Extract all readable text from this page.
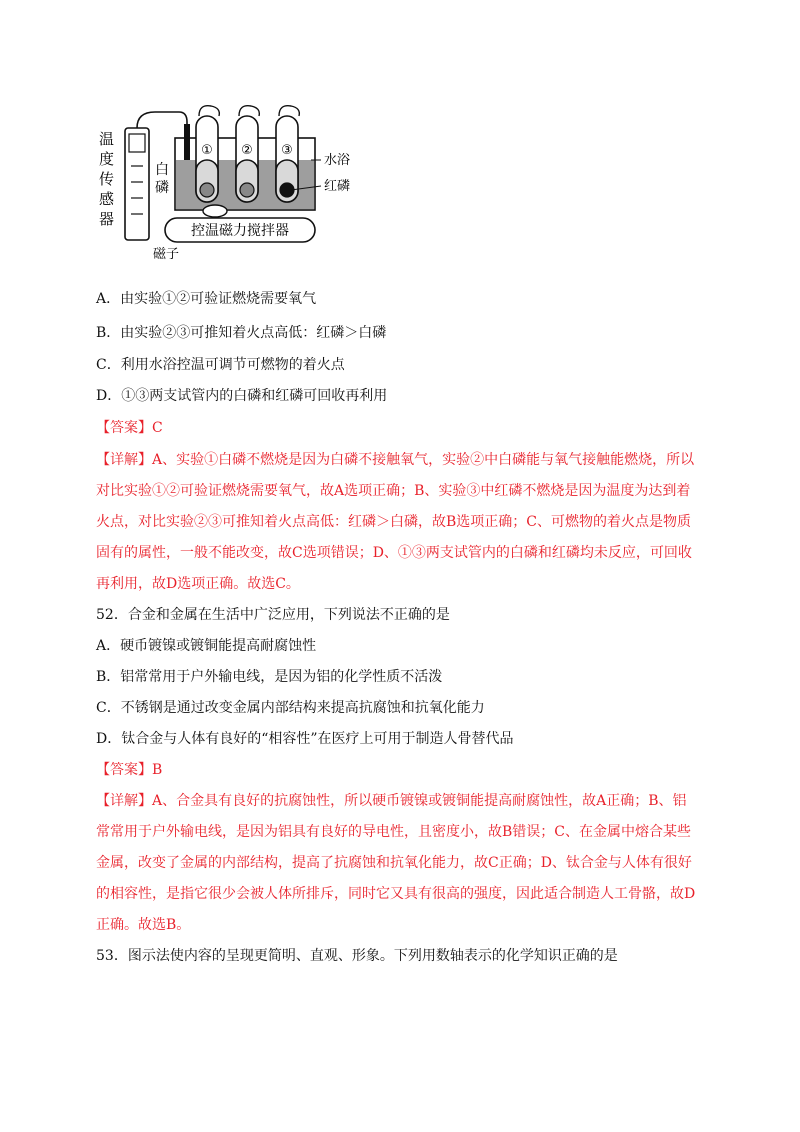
① ② ③
控温磁力搅拌器
水浴
红磷
磁子
温度传感器
白磷
A．由实验①②可验证燃烧需要氧气
B．由实验②③可推知着火点高低：红磷＞白磷
C．利用水浴控温可调节可燃物的着火点
D．①③两支试管内的白磷和红磷可回收再利用
【答案】C
【详解】A、实验①白磷不燃烧是因为白磷不接触氧气，实验②中白磷能与氧气接触能燃烧，所以
对比实验①②可验证燃烧需要氧气，故A选项正确；B、实验③中红磷不燃烧是因为温度为达到着
火点，对比实验②③可推知着火点高低：红磷＞白磷，故B选项正确；C、可燃物的着火点是物质
固有的属性，一般不能改变，故C选项错误；D、①③两支试管内的白磷和红磷均未反应，可回收
再利用，故D选项正确。故选C。
52．合金和金属在生活中广泛应用，下列说法不正确的是
A．硬币镀镍或镀铜能提高耐腐蚀性
B．铝常常用于户外输电线，是因为铝的化学性质不活泼
C．不锈钢是通过改变金属内部结构来提高抗腐蚀和抗氧化能力
D．钛合金与人体有良好的“相容性”在医疗上可用于制造人骨替代品
【答案】B
【详解】A、合金具有良好的抗腐蚀性，所以硬币镀镍或镀铜能提高耐腐蚀性，故A正确；B、铝
常常用于户外输电线，是因为铝具有良好的导电性，且密度小，故B错误；C、在金属中熔合某些
金属，改变了金属的内部结构，提高了抗腐蚀和抗氧化能力，故C正确；D、钛合金与人体有很好
的相容性，是指它很少会被人体所排斥，同时它又具有很高的强度，因此适合制造人工骨骼，故D
正确。故选B。
53．图示法使内容的呈现更简明、直观、形象。下列用数轴表示的化学知识正确的是
